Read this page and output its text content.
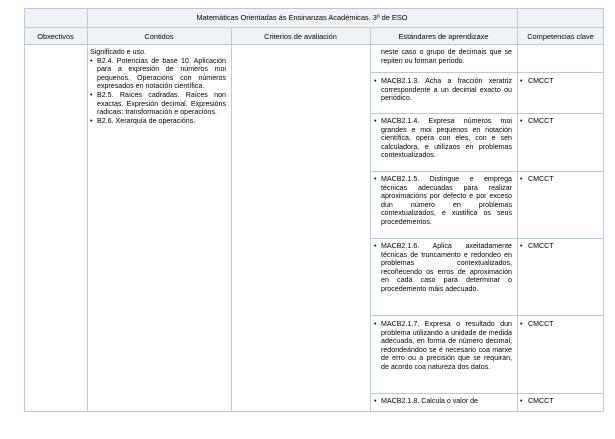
Matemáticas Orientadas ás Ensinanzas Académicas. 3º de ESO
Obxectivos	Contidos	Criterios de avaliación	Estándares de aprendizaxe	Competencias clave

Significado e uso.

• B2.4. Potencias de base 10. Aplicación para a expresión de números moi pequenos. Operacións con números expresados en notación científica.

• B2.5. Raíces cadradas. Raíces non exactas. Expresión decimal. Expresións radicais: transformación e operacións.

• B2.6. Xerarquía de operacións.

neste caso o grupo de decimais que se repiten ou forman período.

• MACB2.1.3. Acha a fracción xeratriz correspondente a un decimal exacto ou periódico.

• CMCCT

• MACB2.1.4. Expresa números moi grandes e moi pequenos en notación científica, opera con eles, con e sen calculadora, e utilízaos en problemas contextualizados.

• CMCCT

• MACB2.1.5. Distingue e emprega técnicas adecuadas para realizar aproximacións por defecto e por exceso dun número en problemas contextualizados, e xustifica os seus procedementos.

• CMCCT

• MACB2.1.6. Aplica axeitadamente técnicas de truncamento e redondeo en problemas contextualizados, recoñecendo os erros de aproximación en cada caso para determinar o procedemento máis adecuado.

• CMCCT

• MACB2.1.7. Expresa o resultado dun problema utilizando a unidade de medida adecuada, en forma de número decimal, redondeándoo se é necesario coa marxe de erro ou a precisión que se requiran, de acordo coa natureza dos datos.

• CMCCT

• MACB2.1.8. Calcula o valor de

•	CMCCT
